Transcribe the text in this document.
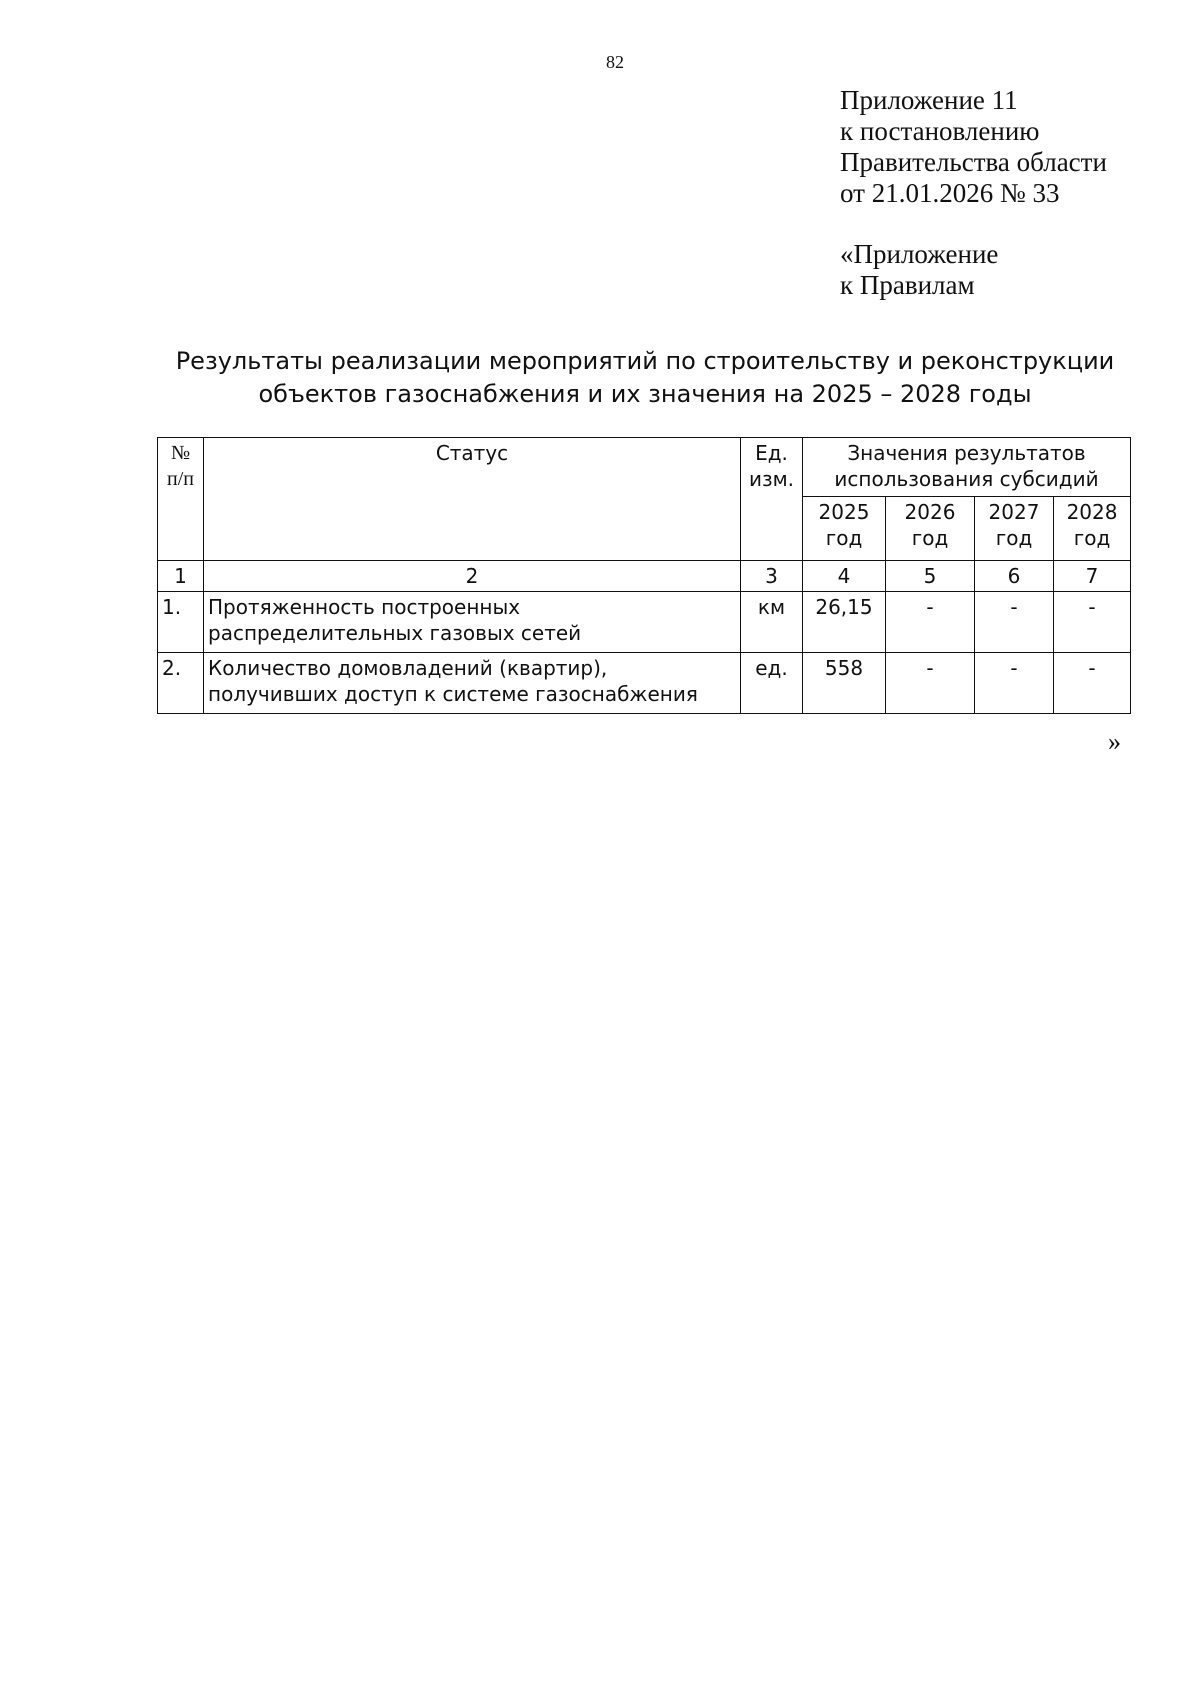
82
Приложение 11
к постановлению
Правительства области
от 21.01.2026 № 33
«Приложение
к Правилам
Результаты реализации мероприятий по строительству и реконструкции
объектов газоснабжения и их значения на 2025 – 2028 годы
№ п/п	Статус	Ед. изм.	Значения результатов использования субсидий			
			2025 год	2026 год	2027 год	2028 год
1	2	3	4	5	6	7
1.	Протяженность построенных распределительных газовых сетей	км	26,15	-	-	-
2.	Количество домовладений (квартир), получивших доступ к системе газоснабжения	ед.	558	-	-	-
»
